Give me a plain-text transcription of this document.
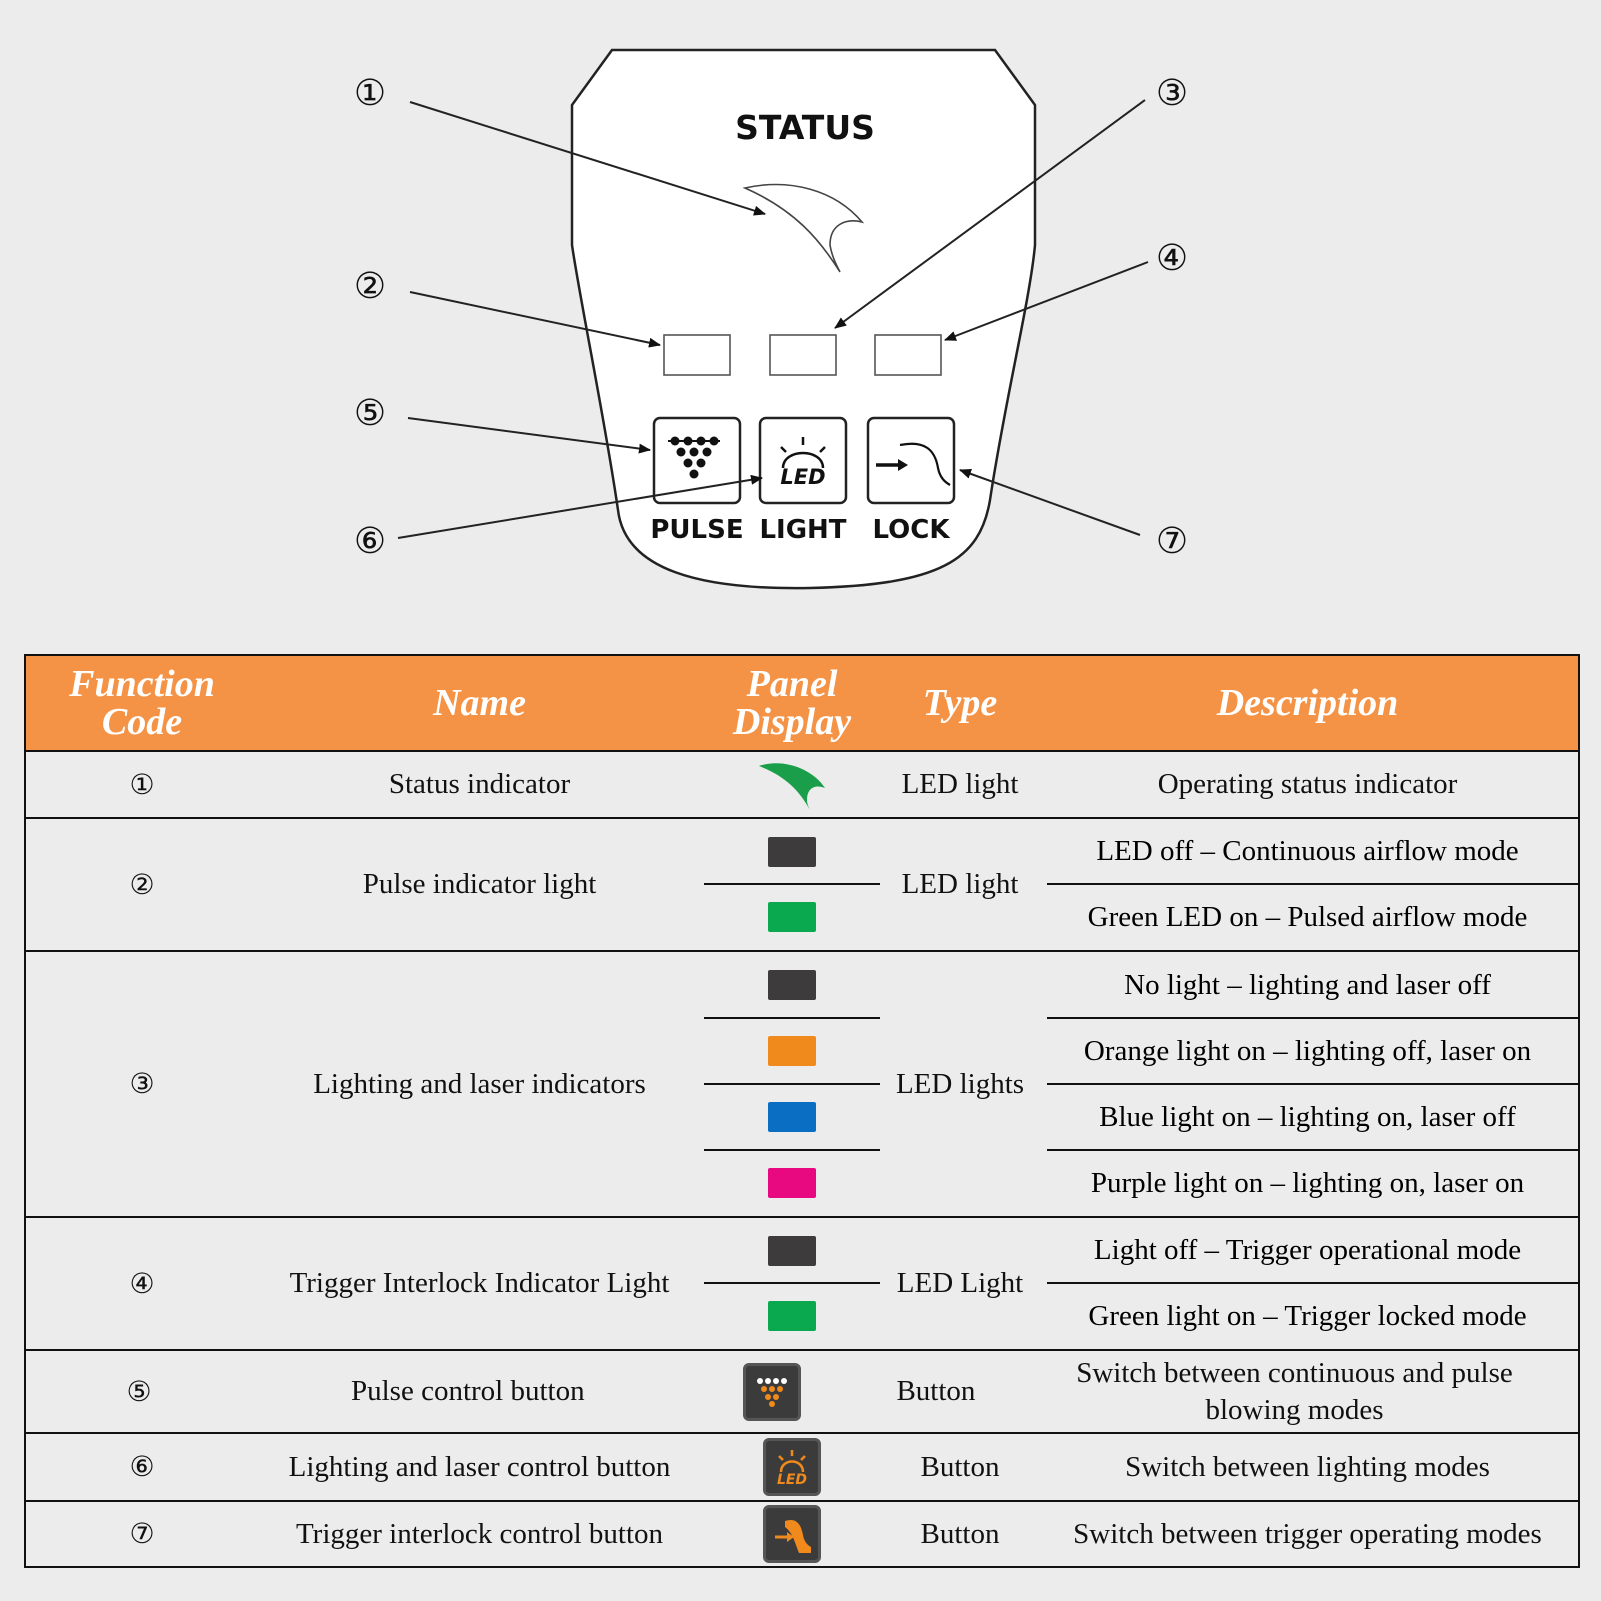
STATUS
LED
PULSE LIGHT LOCK
①
②
③
④
⑤
⑥	⑦
Function Code	Name	Panel Display	Type	Description
①	Status indicator	LED light	Operating status indicator
②	Pulse indicator light	LED light
LED off – Continuous airflow mode
Green LED on – Pulsed airflow mode
③	Lighting and laser indicators	LED lights
No light – lighting and laser off
Orange light on – lighting off, laser on
Blue light on – lighting on, laser off
Purple light on – lighting on, laser on
④	Trigger Interlock Indicator Light	LED Light
Light off – Trigger operational mode
Green light on – Trigger locked mode
⑤	Pulse control button	Button
Switch between continuous and pulse blowing modes
⑥	Lighting and laser control button	LED	Button	Switch between lighting modes
⑦	Trigger interlock control button	Button	Switch between trigger operating modes
